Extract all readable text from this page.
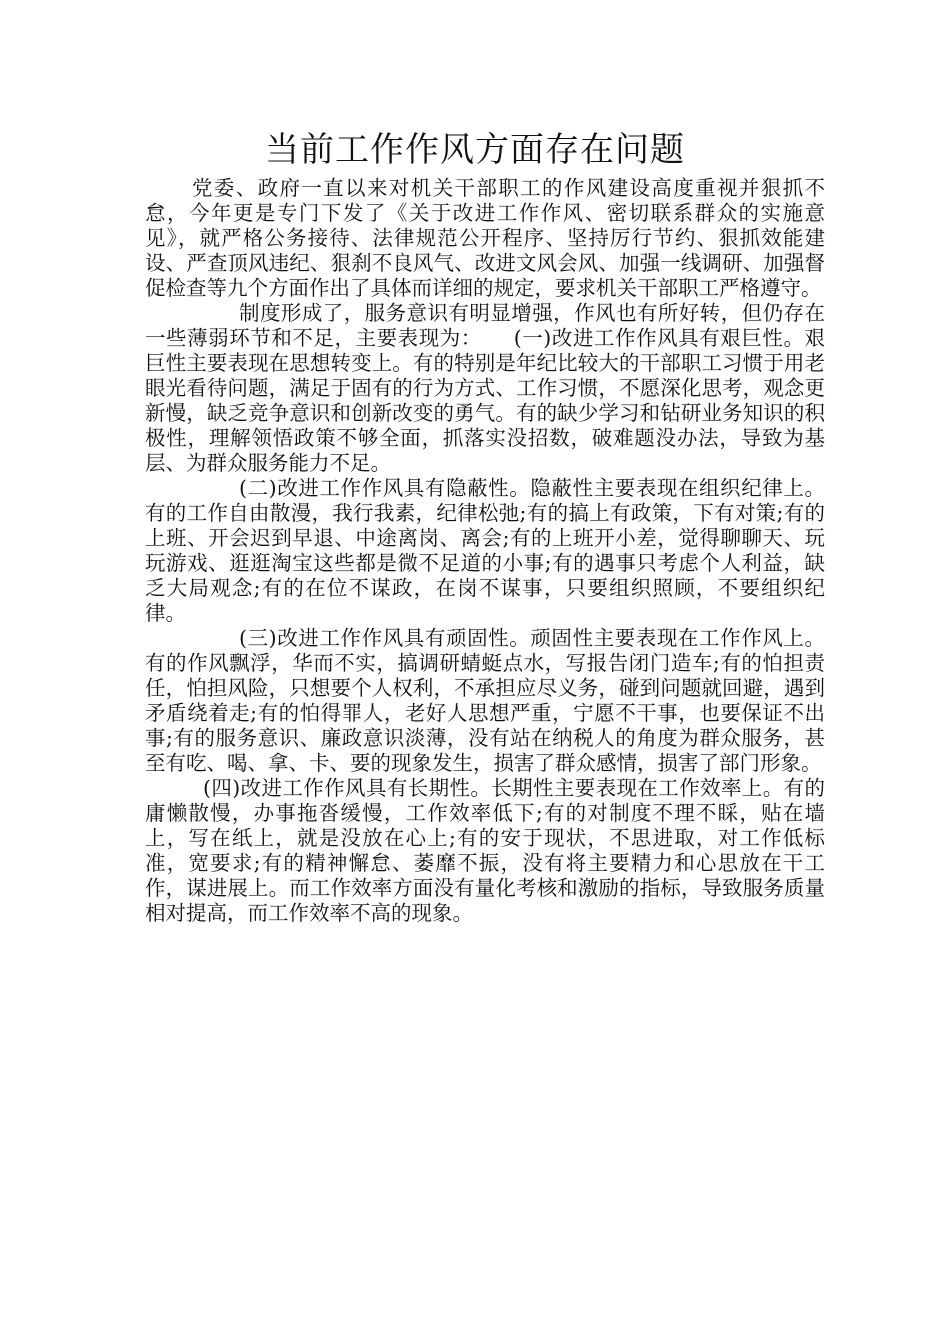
当前工作作风方面存在问题

党委、政府一直以来对机关干部职工的作风建设高度重视并狠抓不怠，今年更是专门下发了《关于改进工作作风、密切联系群众的实施意见》，就严格公务接待、法律规范公开程序、坚持厉行节约、狠抓效能建设、严查顶风违纪、狠刹不良风气、改进文风会风、加强一线调研、加强督促检查等九个方面作出了具体而详细的规定，要求机关干部职工严格遵守。

制度形成了，服务意识有明显增强，作风也有所好转，但仍存在一些薄弱环节和不足，主要表现为：　　(一)改进工作作风具有艰巨性。艰巨性主要表现在思想转变上。有的特别是年纪比较大的干部职工习惯于用老眼光看待问题，满足于固有的行为方式、工作习惯，不愿深化思考，观念更新慢，缺乏竞争意识和创新改变的勇气。有的缺少学习和钻研业务知识的积极性，理解领悟政策不够全面，抓落实没招数，破难题没办法，导致为基层、为群众服务能力不足。

(二)改进工作作风具有隐蔽性。隐蔽性主要表现在组织纪律上。有的工作自由散漫，我行我素，纪律松弛;有的搞上有政策，下有对策;有的上班、开会迟到早退、中途离岗、离会;有的上班开小差，觉得聊聊天、玩玩游戏、逛逛淘宝这些都是微不足道的小事;有的遇事只考虑个人利益，缺乏大局观念;有的在位不谋政，在岗不谋事，只要组织照顾，不要组织纪律。

(三)改进工作作风具有顽固性。顽固性主要表现在工作作风上。有的作风飘浮，华而不实，搞调研蜻蜓点水，写报告闭门造车;有的怕担责任，怕担风险，只想要个人权利，不承担应尽义务，碰到问题就回避，遇到矛盾绕着走;有的怕得罪人，老好人思想严重，宁愿不干事，也要保证不出事;有的服务意识、廉政意识淡薄，没有站在纳税人的角度为群众服务，甚至有吃、喝、拿、卡、要的现象发生，损害了群众感情，损害了部门形象。

(四)改进工作作风具有长期性。长期性主要表现在工作效率上。有的庸懒散慢，办事拖沓缓慢，工作效率低下;有的对制度不理不睬，贴在墙上，写在纸上，就是没放在心上;有的安于现状，不思进取，对工作低标准，宽要求;有的精神懈怠、萎靡不振，没有将主要精力和心思放在干工作，谋进展上。而工作效率方面没有量化考核和激励的指标，导致服务质量相对提高，而工作效率不高的现象。
